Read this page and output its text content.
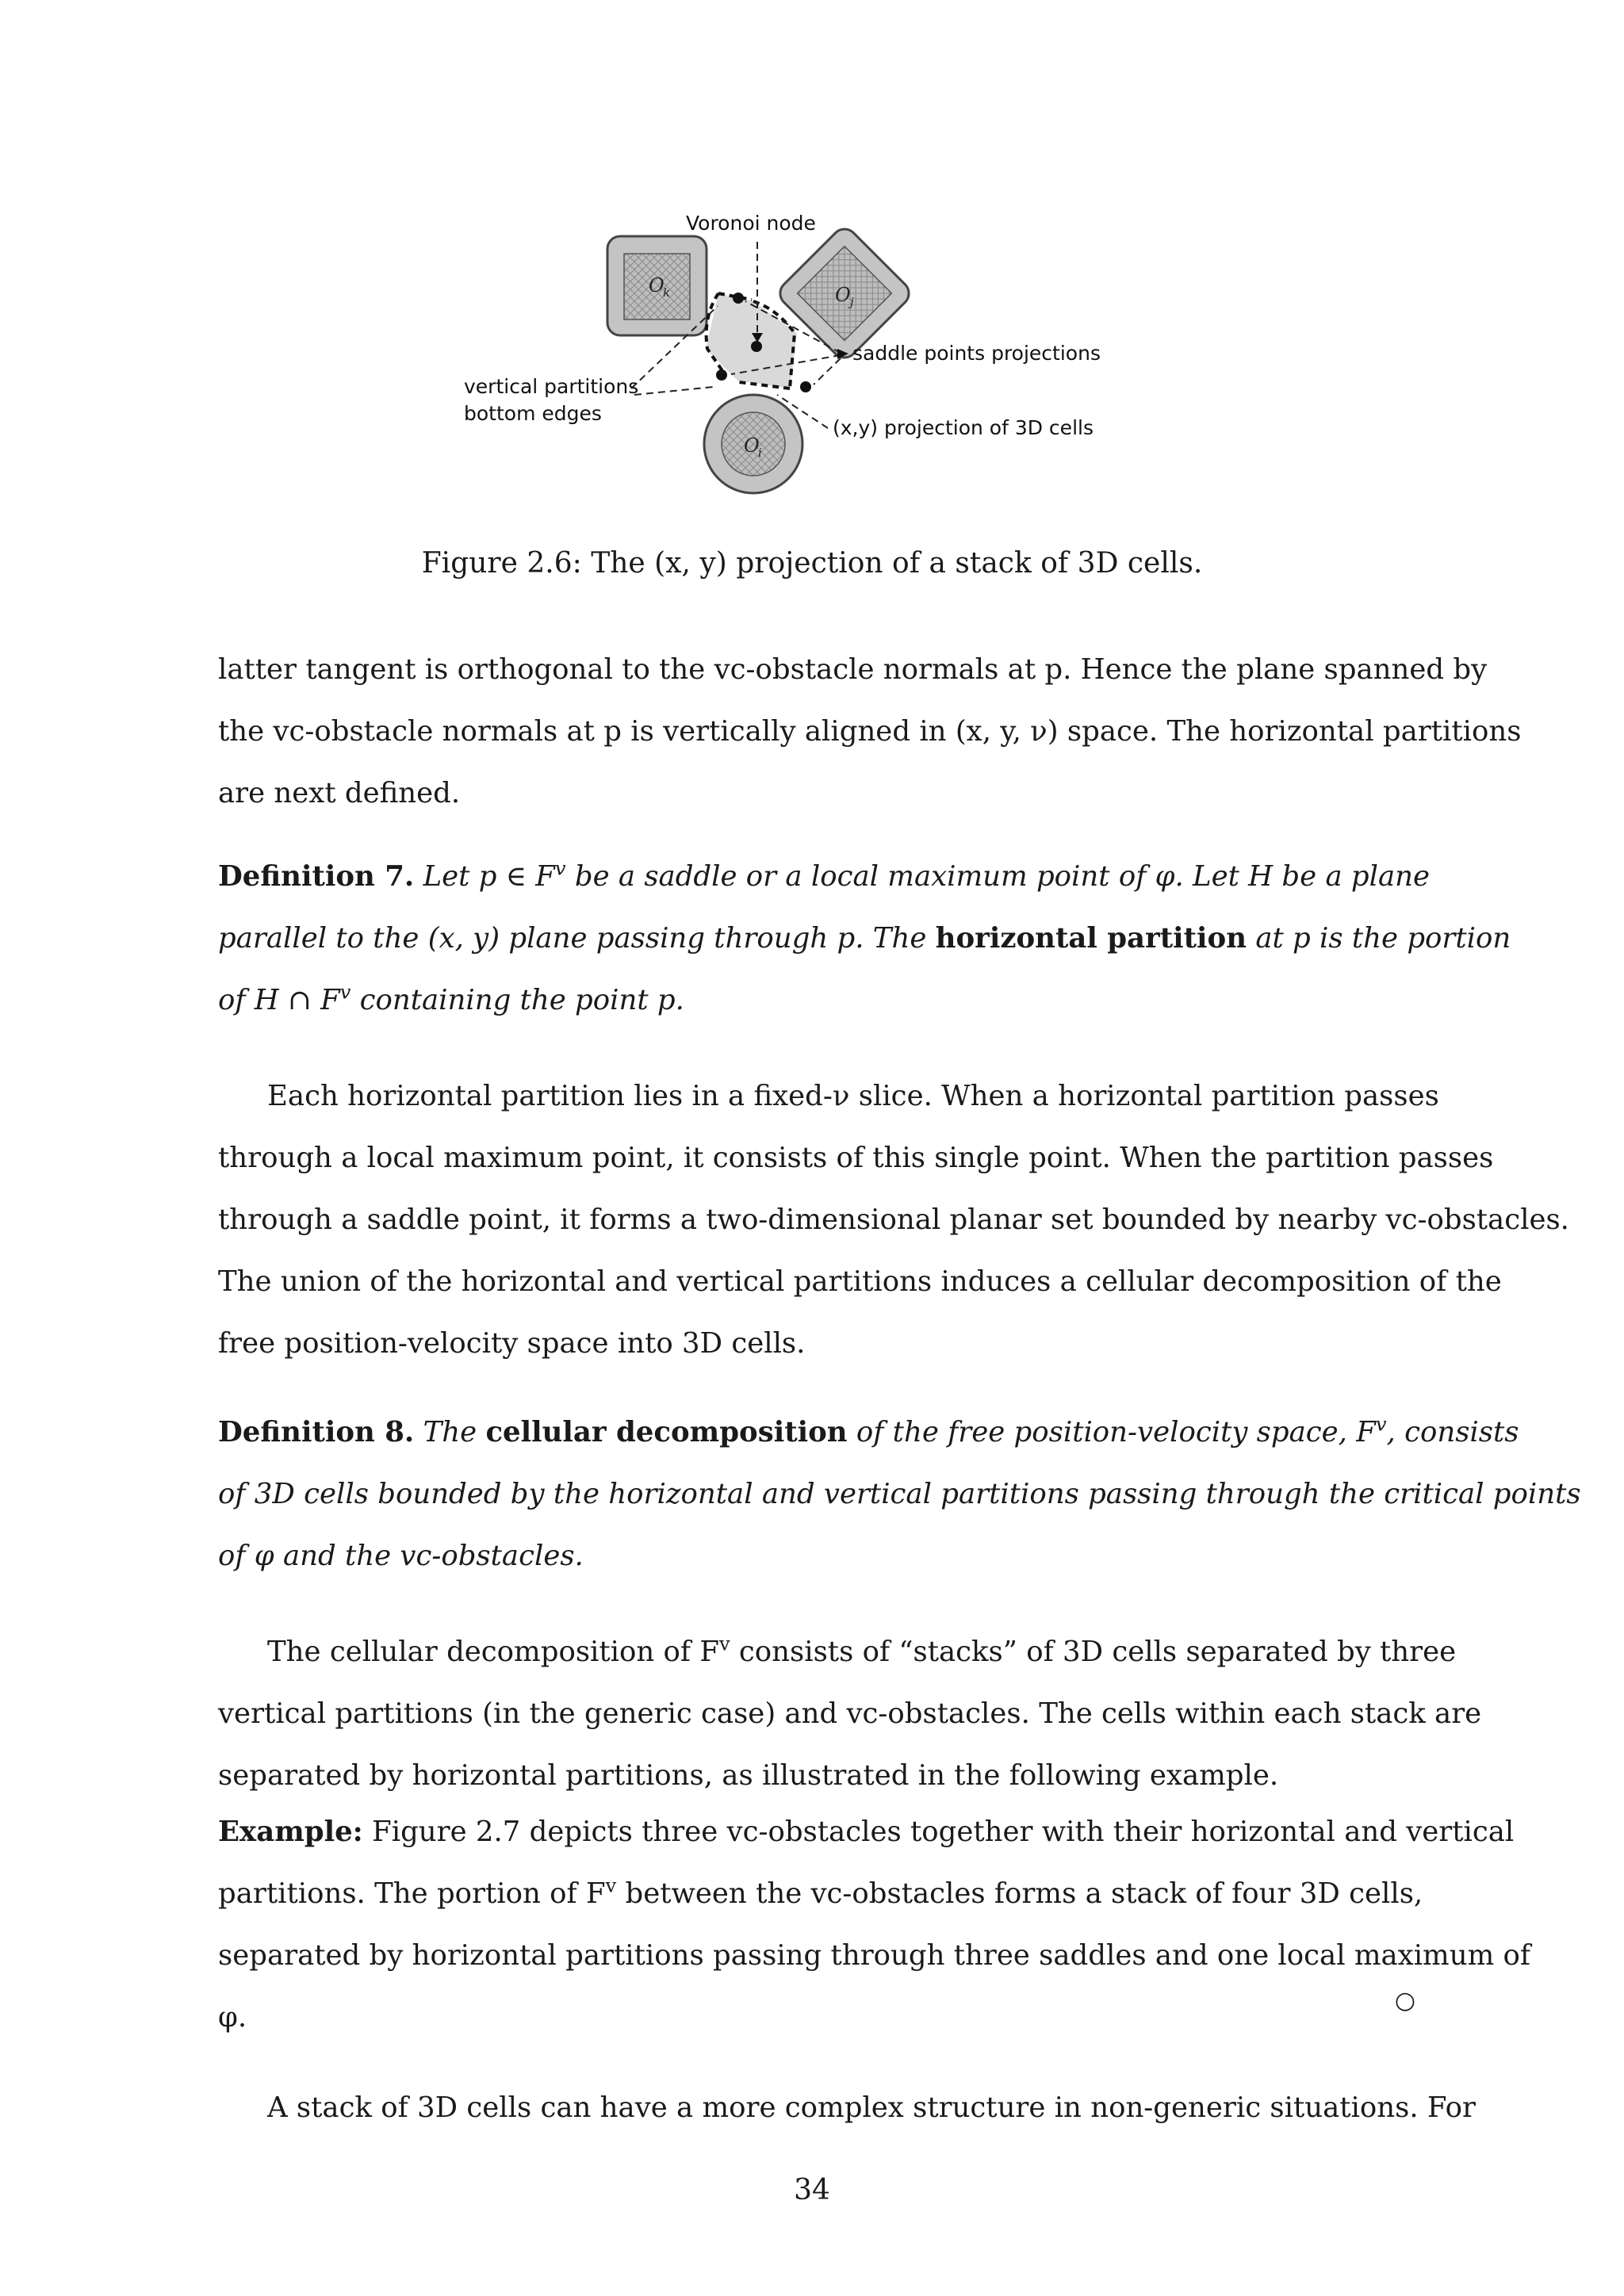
O
k	O j
O
i
Voronoi node
saddle points projections
vertical partitions
bottom edges
(x,y) projection of 3D cells
Figure 2.6: The (x, y) projection of a stack of 3D cells.
latter tangent is orthogonal to the vc-obstacle normals at p. Hence the plane spanned by
the vc-obstacle normals at p is vertically aligned in (x, y, ν) space. The horizontal partitions
are next defined.
Definition 7. Let p ∈ $F^v$ be a saddle or a local maximum point of φ. Let H be a plane
parallel to the (x, y) plane passing through p. The horizontal partition at p is the portion
of H ∩ $F^v$ containing the point p.
Each horizontal partition lies in a fixed-ν slice. When a horizontal partition passes
through a local maximum point, it consists of this single point. When the partition passes
through a saddle point, it forms a two-dimensional planar set bounded by nearby vc-obstacles.
The union of the horizontal and vertical partitions induces a cellular decomposition of the
free position-velocity space into 3D cells.
Definition 8. The cellular decomposition of the free position-velocity space, $F^v$, consists
of 3D cells bounded by the horizontal and vertical partitions passing through the critical points
of φ and the vc-obstacles.
The cellular decomposition of $F^v$ consists of “stacks” of 3D cells separated by three
vertical partitions (in the generic case) and vc-obstacles. The cells within each stack are
separated by horizontal partitions, as illustrated in the following example.
Example: Figure 2.7 depicts three vc-obstacles together with their horizontal and vertical
partitions. The portion of $F^v$ between the vc-obstacles forms a stack of four 3D cells,
separated by horizontal partitions passing through three saddles and one local maximum of
φ.
○
A stack of 3D cells can have a more complex structure in non-generic situations. For
34
